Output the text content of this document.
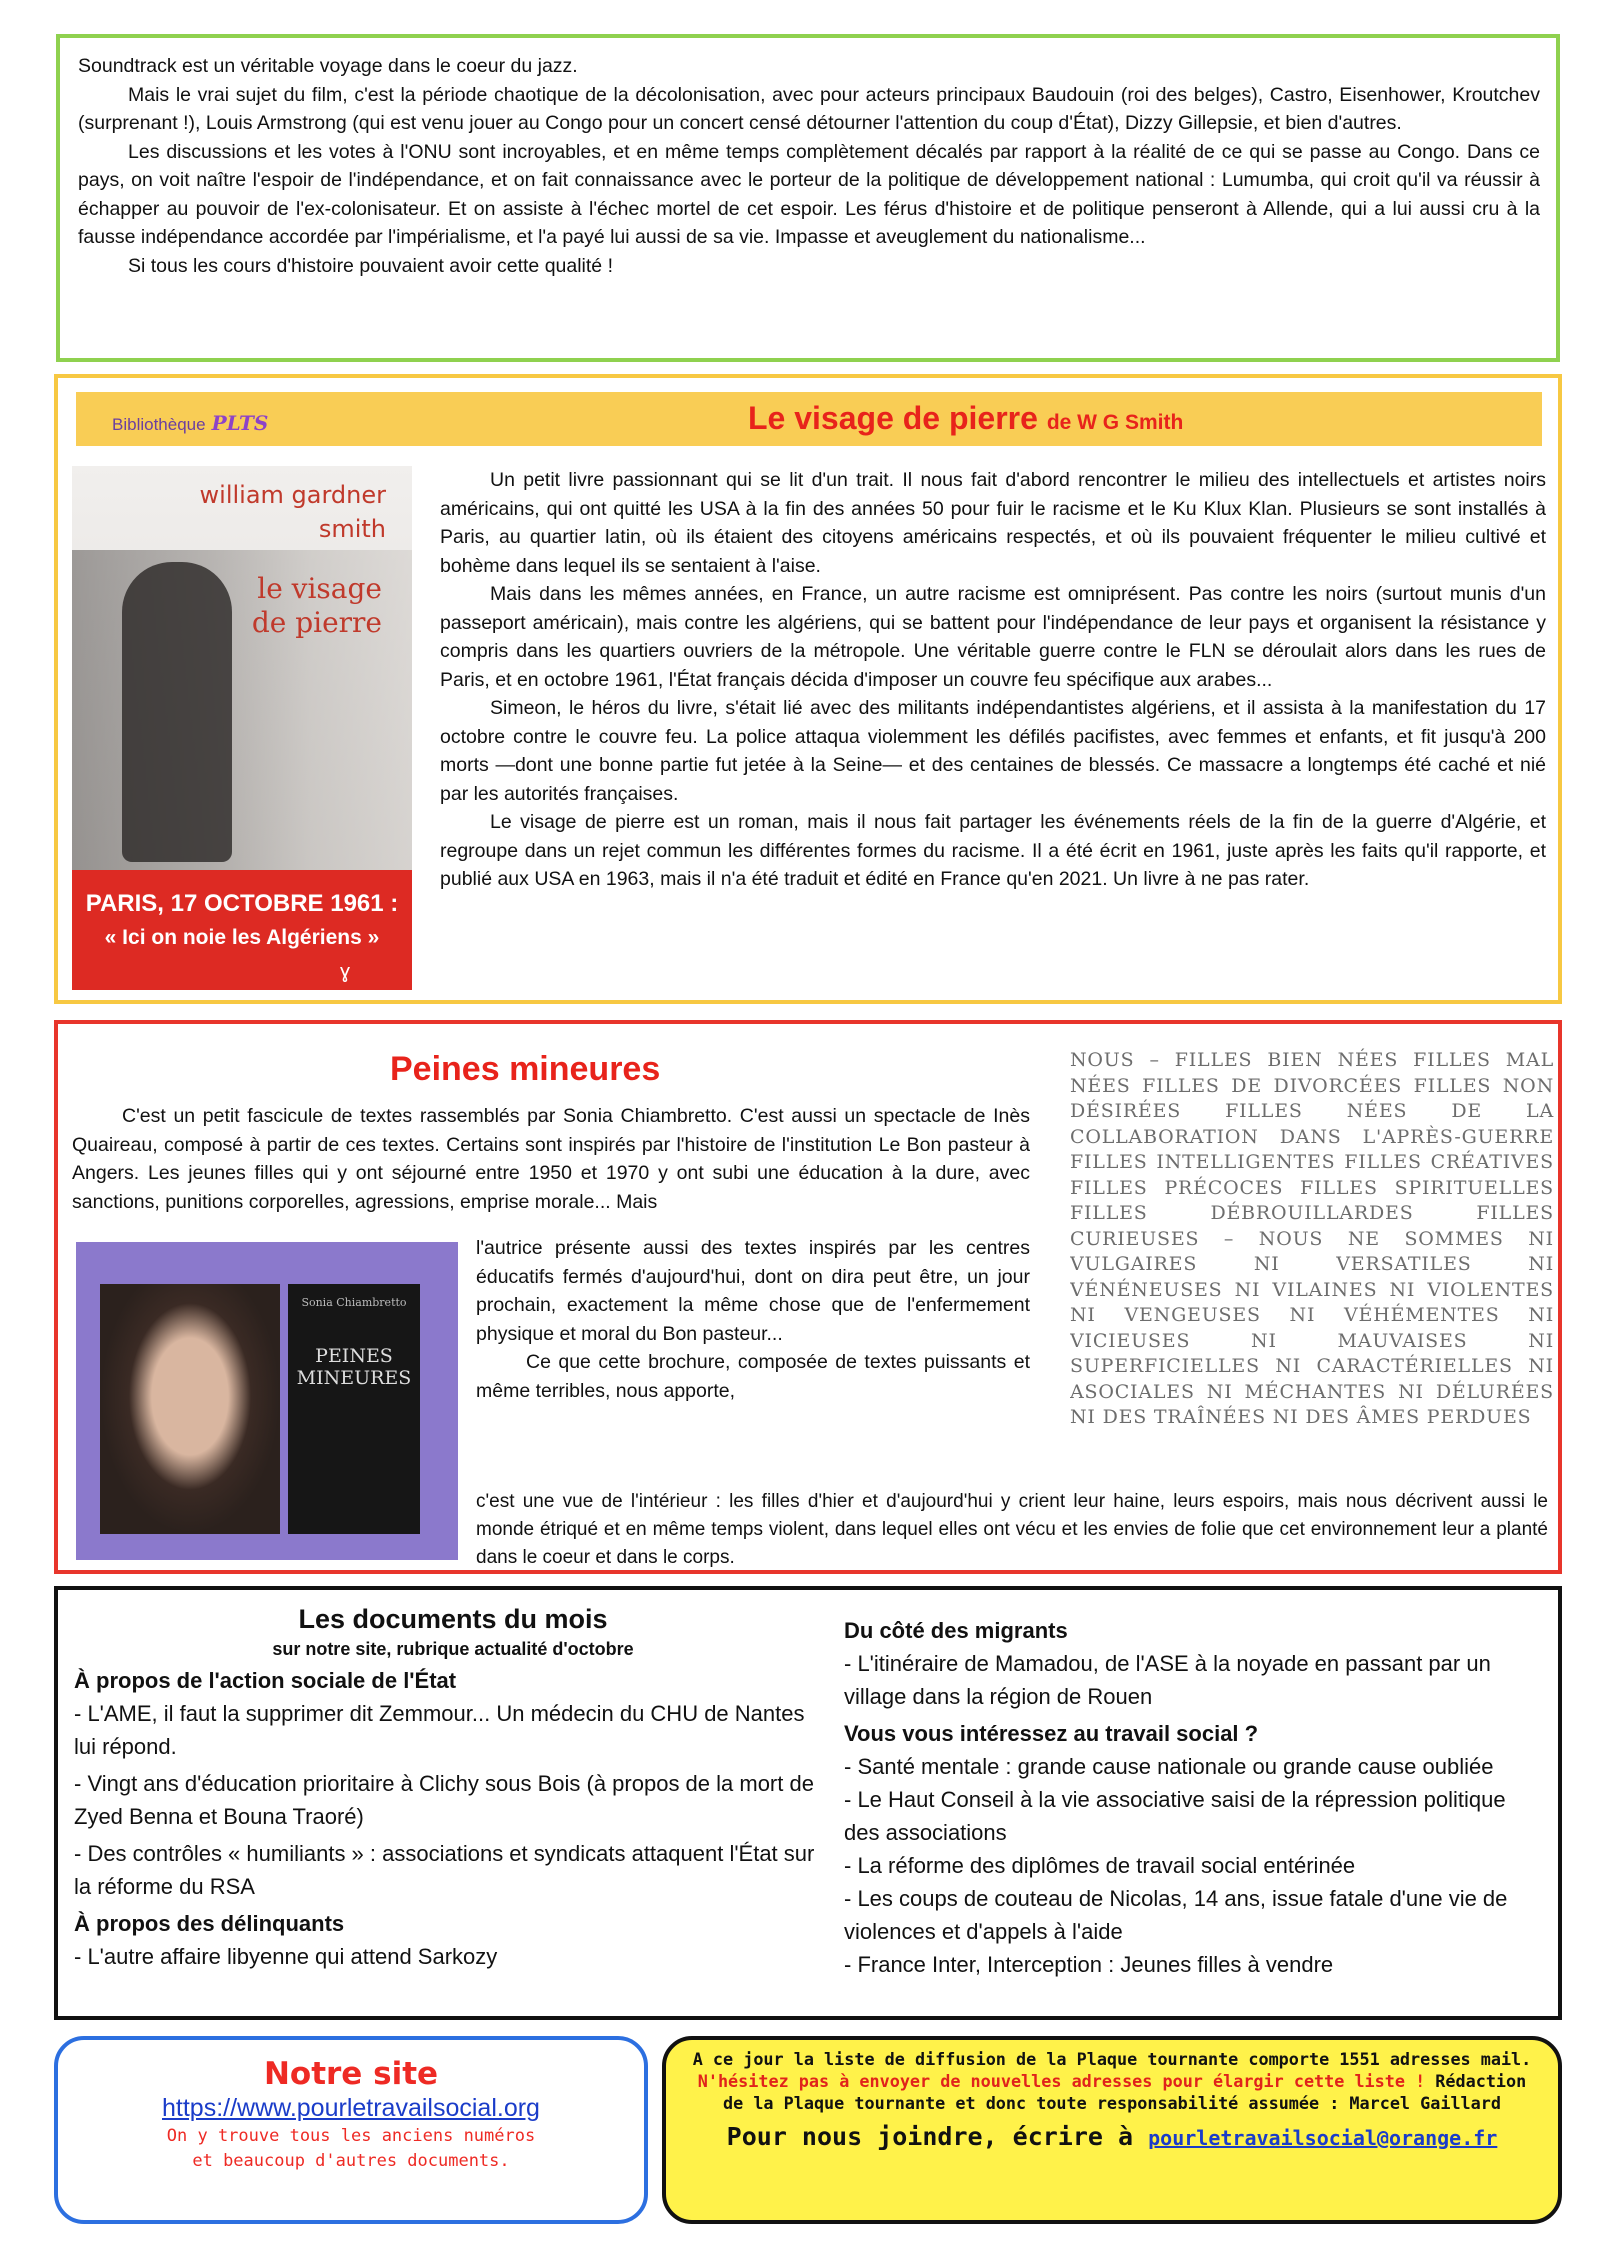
Soundtrack est un véritable voyage dans le coeur du jazz.

Mais le vrai sujet du film, c'est la période chaotique de la décolonisation, avec pour acteurs principaux Baudouin (roi des belges), Castro, Eisenhower, Kroutchev (surprenant !), Louis Armstrong (qui est venu jouer au Congo pour un concert censé détourner l'attention du coup d'État), Dizzy Gillepsie, et bien d'autres.

Les discussions et les votes à l'ONU sont incroyables, et en même temps complètement décalés par rapport à la réalité de ce qui se passe au Congo. Dans ce pays, on voit naître l'espoir de l'indépendance, et on fait connaissance avec le porteur de la politique de développement national : Lumumba, qui croit qu'il va réussir à échapper au pouvoir de l'ex-colonisateur. Et on assiste à l'échec mortel de cet espoir. Les férus d'histoire et de politique penseront à Allende, qui a lui aussi cru à la fausse indépendance accordée par l'impérialisme, et l'a payé lui aussi de sa vie. Impasse et aveuglement du nationalisme...

Si tous les cours d'histoire pouvaient avoir cette qualité !

Bibliothèque PLTS	Le visage de pierre de W G Smith
william gardner smith
le visage de pierre
PARIS, 17 OCTOBRE 1961 :
« Ici on noie les Algériens »
ɣ

Un petit livre passionnant qui se lit d'un trait. Il nous fait d'abord rencontrer le milieu des intellectuels et artistes noirs américains, qui ont quitté les USA à la fin des années 50 pour fuir le racisme et le Ku Klux Klan. Plusieurs se sont installés à Paris, au quartier latin, où ils étaient des citoyens américains respectés, et où ils pouvaient fréquenter le milieu cultivé et bohème dans lequel ils se sentaient à l'aise.

Mais dans les mêmes années, en France, un autre racisme est omniprésent. Pas contre les noirs (surtout munis d'un passeport américain), mais contre les algériens, qui se battent pour l'indépendance de leur pays et organisent la résistance y compris dans les quartiers ouvriers de la métropole. Une véritable guerre contre le FLN se déroulait alors dans les rues de Paris, et en octobre 1961, l'État français décida d'imposer un couvre feu spécifique aux arabes...

Simeon, le héros du livre, s'était lié avec des militants indépendantistes algériens, et il assista à la manifestation du 17 octobre contre le couvre feu. La police attaqua violemment les défilés pacifistes, avec femmes et enfants, et fit jusqu'à 200 morts —dont une bonne partie fut jetée à la Seine— et des centaines de blessés. Ce massacre a longtemps été caché et nié par les autorités françaises.

Le visage de pierre est un roman, mais il nous fait partager les événements réels de la fin de la guerre d'Algérie, et regroupe dans un rejet commun les différentes formes du racisme. Il a été écrit en 1961, juste après les faits qu'il rapporte, et publié aux USA en 1963, mais il n'a été traduit et édité en France qu'en 2021. Un livre à ne pas rater.

Peines mineures

C'est un petit fascicule de textes rassemblés par Sonia Chiambretto. C'est aussi un spectacle de Inès Quaireau, composé à partir de ces textes. Certains sont inspirés par l'histoire de l'institution Le Bon pasteur à Angers. Les jeunes filles qui y ont séjourné entre 1950 et 1970 y ont subi une éducation à la dure, avec sanctions, punitions corporelles, agressions, emprise morale... Mais

Sonia Chiambretto
PEINES MINEURES

l'autrice présente aussi des textes inspirés par les centres éducatifs fermés d'aujourd'hui, dont on dira peut être, un jour prochain, exactement la même chose que de l'enfermement physique et moral du Bon pasteur...

Ce que cette brochure, composée de textes puissants et même terribles, nous apporte,

c'est une vue de l'intérieur : les filles d'hier et d'aujourd'hui y crient leur haine, leurs espoirs, mais nous décrivent aussi le monde étriqué et en même temps violent, dans lequel elles ont vécu et les envies de folie que cet environnement leur a planté dans le coeur et dans le corps.

NOUS – FILLES BIEN NÉES FILLES MAL NÉES FILLES DE DIVORCÉES FILLES NON DÉSIRÉES FILLES NÉES DE LA COLLABORATION DANS L'APRÈS-GUERRE FILLES INTELLIGENTES FILLES CRÉATIVES FILLES PRÉCOCES FILLES SPIRITUELLES FILLES DÉBROUILLARDES FILLES CURIEUSES – NOUS NE SOMMES NI VULGAIRES NI VERSATILES NI VÉNÉNEUSES NI VILAINES NI VIOLENTES NI VENGEUSES NI VÉHÉMENTES NI VICIEUSES NI MAUVAISES NI SUPERFICIELLES NI CARACTÉRIELLES NI ASOCIALES NI MÉCHANTES NI DÉLURÉES NI DES TRAÎNÉES NI DES ÂMES PERDUES
Les documents du mois
sur notre site, rubrique actualité d'octobre
À propos de l'action sociale de l'État
- L'AME, il faut la supprimer dit Zemmour... Un médecin du CHU de Nantes lui répond.
- Vingt ans d'éducation prioritaire à Clichy sous Bois (à propos de la mort de Zyed Benna et Bouna Traoré)
- Des contrôles « humiliants » : associations et syndicats attaquent l'État sur la réforme du RSA
À propos des délinquants
- L'autre affaire libyenne qui attend Sarkozy
Du côté des migrants
- L'itinéraire de Mamadou, de l'ASE à la noyade en passant par un village dans la région de Rouen
Vous vous intéressez au travail social ?
- Santé mentale : grande cause nationale ou grande cause oubliée
- Le Haut Conseil à la vie associative saisi de la répression politique des associations
- La réforme des diplômes de travail social entérinée
- Les coups de couteau de Nicolas, 14 ans, issue fatale d'une vie de violences et d'appels à l'aide
- France Inter, Interception : Jeunes filles à vendre
Notre site
https://www.pourletravailsocial.org
On y trouve tous les anciens numéros
et beaucoup d'autres documents.
A ce jour la liste de diffusion de la Plaque tournante comporte 1551 adresses mail. N'hésitez pas à envoyer de nouvelles adresses pour élargir cette liste ! Rédaction de la Plaque tournante et donc toute responsabilité assumée : Marcel Gaillard
Pour nous joindre, écrire à pourletravailsocial@orange.fr
